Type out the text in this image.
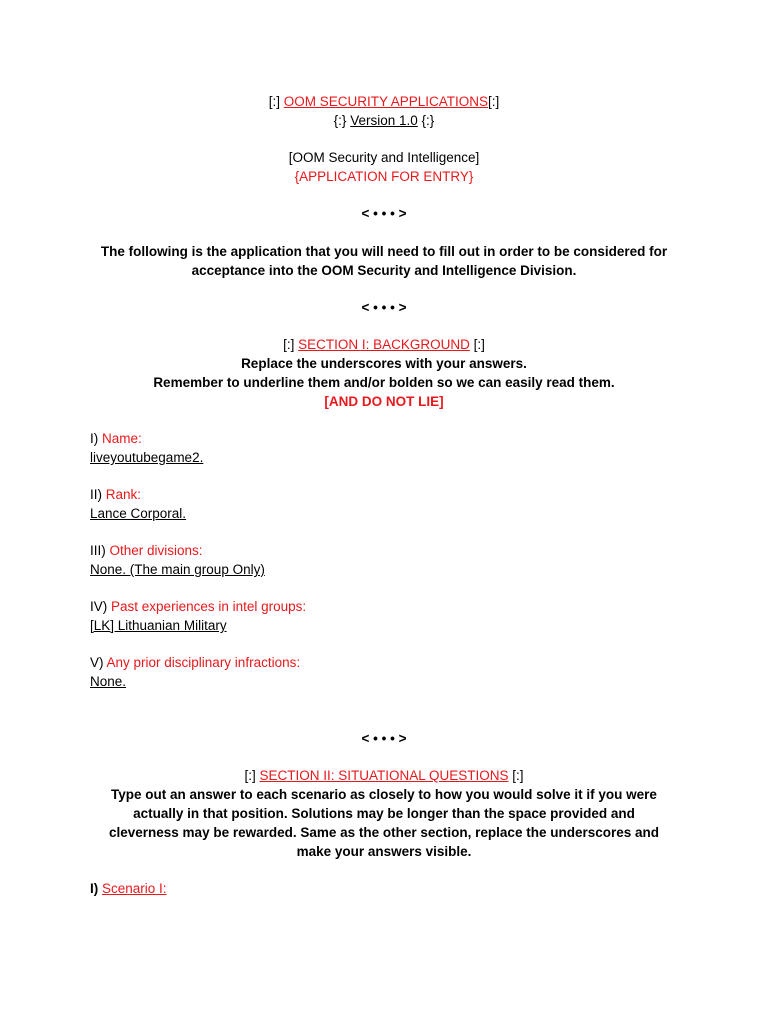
[:] OOM SECURITY APPLICATIONS[:]
{:} Version 1.0 {:}
[OOM Security and Intelligence]
{APPLICATION FOR ENTRY}
< • • • >
The following is the application that you will need to fill out in order to be considered for
acceptance into the OOM Security and Intelligence Division.
< • • • >
[:] SECTION I: BACKGROUND [:]
Replace the underscores with your answers.
Remember to underline them and/or bolden so we can easily read them.
[AND DO NOT LIE]
I) Name:
liveyoutubegame2.
II) Rank:
Lance Corporal.
III) Other divisions:
None. (The main group Only)
IV) Past experiences in intel groups:
[LK] Lithuanian Military
V) Any prior disciplinary infractions:
None.
< • • • >
[:] SECTION II: SITUATIONAL QUESTIONS [:]
Type out an answer to each scenario as closely to how you would solve it if you were
actually in that position. Solutions may be longer than the space provided and
cleverness may be rewarded. Same as the other section, replace the underscores and
make your answers visible.
I) Scenario I:
